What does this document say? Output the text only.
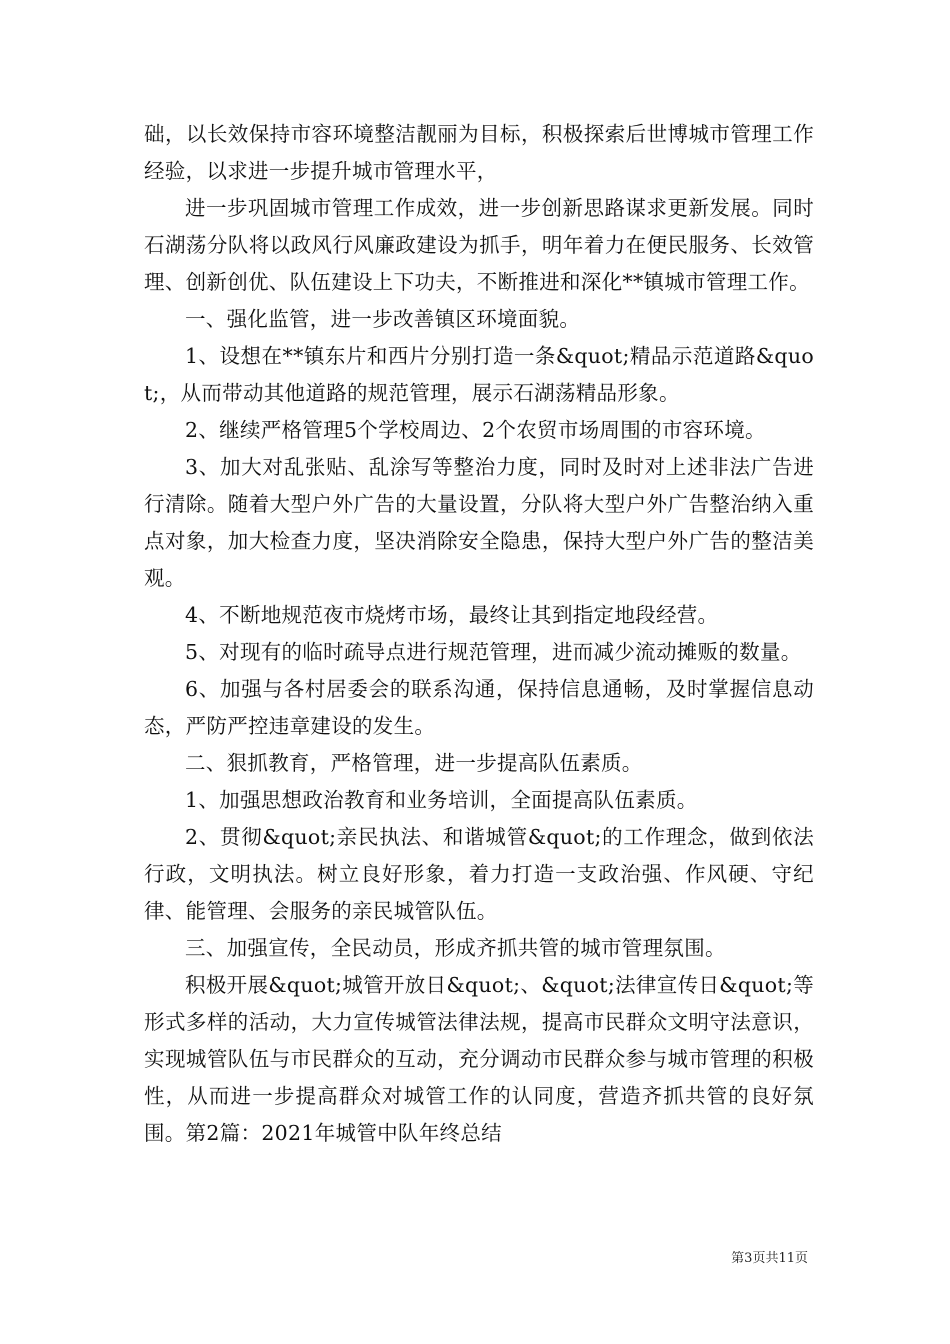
础，以长效保持市容环境整洁靓丽为目标，积极探索后世博城市管理工作经验，以求进一步提升城市管理水平，

进一步巩固城市管理工作成效，进一步创新思路谋求更新发展。同时石湖荡分队将以政风行风廉政建设为抓手，明年着力在便民服务、长效管理、创新创优、队伍建设上下功夫，不断推进和深化**镇城市管理工作。

一、强化监管，进一步改善镇区环境面貌。

1、设想在**镇东片和西片分别打造一条&quot;精品示范道路&quot;，从而带动其他道路的规范管理，展示石湖荡精品形象。

2、继续严格管理5个学校周边、2个农贸市场周围的市容环境。

3、加大对乱张贴、乱涂写等整治力度，同时及时对上述非法广告进行清除。随着大型户外广告的大量设置，分队将大型户外广告整治纳入重点对象，加大检查力度，坚决消除安全隐患，保持大型户外广告的整洁美观。

4、不断地规范夜市烧烤市场，最终让其到指定地段经营。

5、对现有的临时疏导点进行规范管理，进而减少流动摊贩的数量。

6、加强与各村居委会的联系沟通，保持信息通畅，及时掌握信息动态，严防严控违章建设的发生。

二、狠抓教育，严格管理，进一步提高队伍素质。

1、加强思想政治教育和业务培训，全面提高队伍素质。

2、贯彻&quot;亲民执法、和谐城管&quot;的工作理念，做到依法行政，文明执法。树立良好形象，着力打造一支政治强、作风硬、守纪律、能管理、会服务的亲民城管队伍。

三、加强宣传，全民动员，形成齐抓共管的城市管理氛围。

积极开展&quot;城管开放日&quot;、&quot;法律宣传日&quot;等形式多样的活动，大力宣传城管法律法规，提高市民群众文明守法意识，实现城管队伍与市民群众的互动，充分调动市民群众参与城市管理的积极性，从而进一步提高群众对城管工作的认同度，营造齐抓共管的良好氛围。第2篇：2021年城管中队年终总结

第3页共11页
